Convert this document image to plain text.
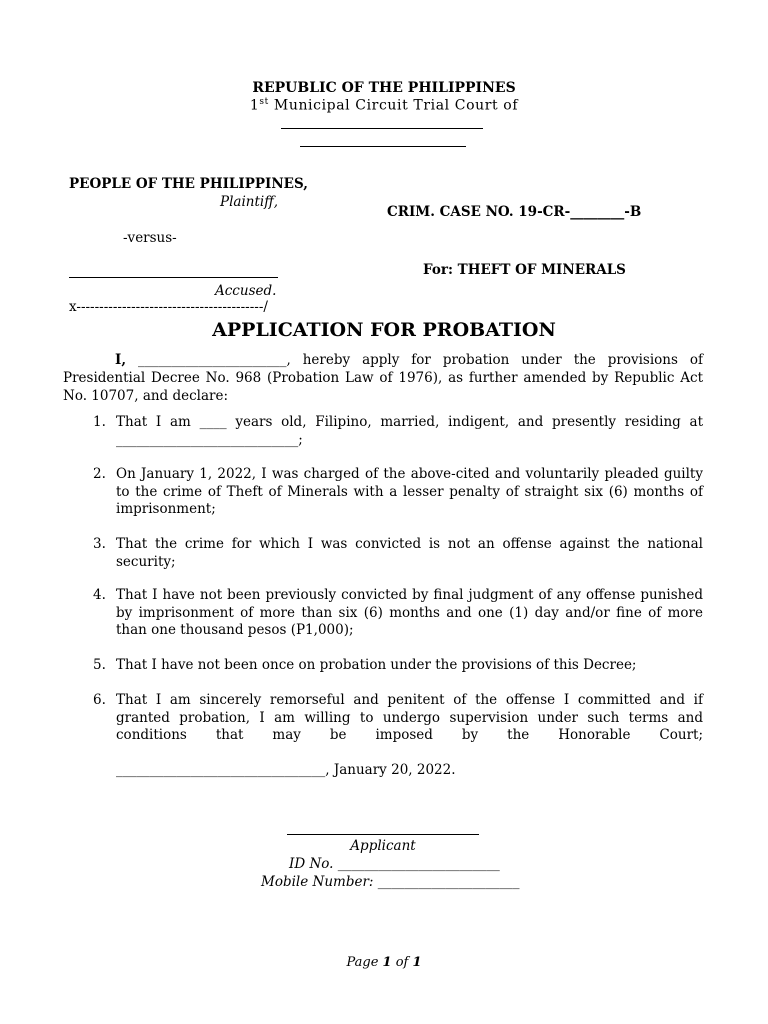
REPUBLIC OF THE PHILIPPINES
1st Municipal Circuit Trial Court of
PEOPLE OF THE PHILIPPINES,
Plaintiff,
CRIM. CASE NO. 19-CR-________-B
-versus-
For: THEFT OF MINERALS
Accused.
x-----------------------------------------/
APPLICATION FOR PROBATION
I, ______________________, hereby apply for probation under the provisions of Presidential Decree No. 968 (Probation Law of 1976), as further amended by Republic Act No. 10707, and declare:
1. That I am ____ years old, Filipino, married, indigent, and presently residing at ___________________________;
2. On January 1, 2022, I was charged of the above-cited and voluntarily pleaded guilty to the crime of Theft of Minerals with a lesser penalty of straight six (6) months of imprisonment;
3. That the crime for which I was convicted is not an offense against the national security;
4. That I have not been previously convicted by final judgment of any offense punished by imprisonment of more than six (6) months and one (1) day and/or fine of more than one thousand pesos (P1,000);
5. That I have not been once on probation under the provisions of this Decree;
6. That I am sincerely remorseful and penitent of the offense I committed and if granted probation, I am willing to undergo supervision under such terms and conditions that may be imposed by the Honorable Court;
_______________________________, January 20, 2022.
Applicant
ID No. ________________________
Mobile Number: _____________________
Page 1 of 1
